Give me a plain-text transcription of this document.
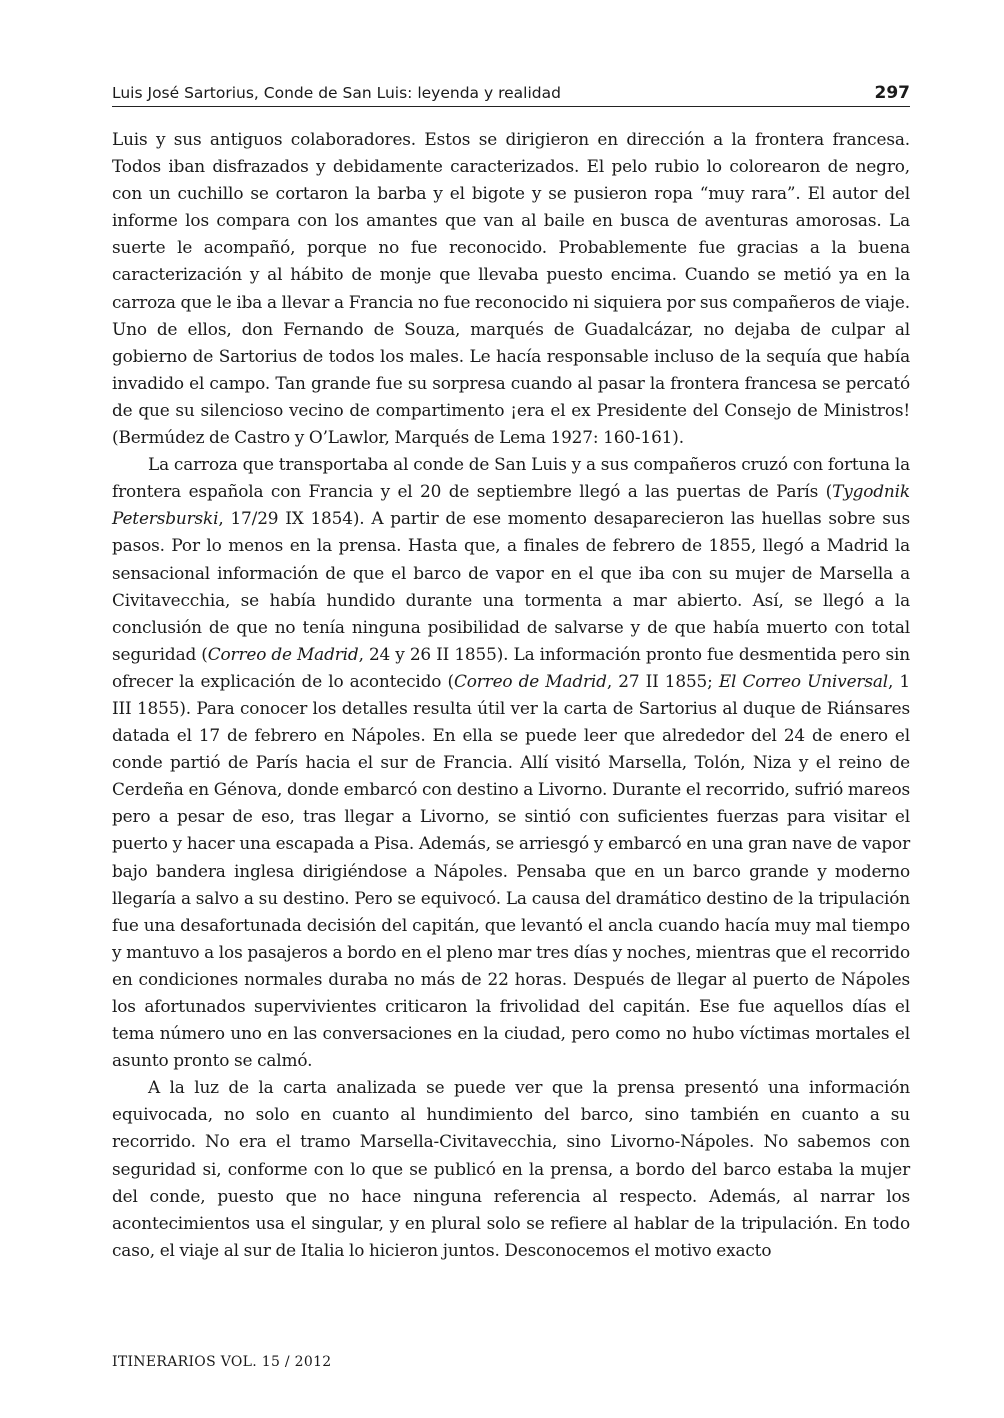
Luis José Sartorius, Conde de San Luis: leyenda y realidad	297

Luis y sus antiguos colaboradores. Estos se dirigieron en dirección a la frontera francesa. Todos iban disfrazados y debidamente caracterizados. El pelo rubio lo colorearon de negro, con un cuchillo se cortaron la barba y el bigote y se pusieron ropa “muy rara”. El autor del informe los compara con los amantes que van al baile en busca de aventuras amorosas. La suerte le acompañó, porque no fue reconocido. Probablemente fue gracias a la buena caracterización y al hábito de monje que llevaba puesto encima. Cuando se metió ya en la carroza que le iba a llevar a Francia no fue reconocido ni siquiera por sus compañeros de viaje. Uno de ellos, don Fernando de Souza, marqués de Guadalcázar, no dejaba de culpar al gobierno de Sartorius de todos los males. Le hacía responsable incluso de la sequía que había invadido el campo. Tan grande fue su sorpresa cuando al pasar la frontera francesa se percató de que su silencioso vecino de compartimento ¡era el ex Presidente del Consejo de Ministros! (Bermúdez de Castro y O’Lawlor, Marqués de Lema 1927: 160-161).

La carroza que transportaba al conde de San Luis y a sus compañeros cruzó con fortuna la frontera española con Francia y el 20 de septiembre llegó a las puertas de París (Tygodnik Petersburski, 17/29 IX 1854). A partir de ese momento desaparecieron las huellas sobre sus pasos. Por lo menos en la prensa. Hasta que, a finales de febrero de 1855, llegó a Madrid la sensacional información de que el barco de vapor en el que iba con su mujer de Marsella a Civitavecchia, se había hundido durante una tormenta a mar abierto. Así, se llegó a la conclusión de que no tenía ninguna posibilidad de salvarse y de que había muerto con total seguridad (Correo de Madrid, 24 y 26 II 1855). La información pronto fue desmentida pero sin ofrecer la explicación de lo acontecido (Correo de Madrid, 27 II 1855; El Correo Universal, 1 III 1855). Para conocer los detalles resulta útil ver la carta de Sartorius al duque de Riánsares datada el 17 de febrero en Nápoles. En ella se puede leer que alrededor del 24 de enero el conde partió de París hacia el sur de Francia. Allí visitó Marsella, Tolón, Niza y el reino de Cerdeña en Génova, donde embarcó con destino a Livorno. Durante el recorrido, sufrió mareos pero a pesar de eso, tras llegar a Livorno, se sintió con suficientes fuerzas para visitar el puerto y hacer una escapada a Pisa. Además, se arriesgó y embarcó en una gran nave de vapor bajo bandera inglesa dirigiéndose a Nápoles. Pensaba que en un barco grande y moderno llegaría a salvo a su destino. Pero se equivocó. La causa del dramático destino de la tripulación fue una desafortunada decisión del capitán, que levantó el ancla cuando hacía muy mal tiempo y mantuvo a los pasajeros a bordo en el pleno mar tres días y noches, mientras que el recorrido en condiciones normales duraba no más de 22 horas. Después de llegar al puerto de Nápoles los afortunados supervivientes criticaron la frivolidad del capitán. Ese fue aquellos días el tema número uno en las conversaciones en la ciudad, pero como no hubo víctimas mortales el asunto pronto se calmó.

A la luz de la carta analizada se puede ver que la prensa presentó una información equivocada, no solo en cuanto al hundimiento del barco, sino también en cuanto a su recorrido. No era el tramo Marsella-Civitavecchia, sino Livorno-Nápoles. No sabemos con seguridad si, conforme con lo que se publicó en la prensa, a bordo del barco estaba la mujer del conde, puesto que no hace ninguna referencia al respecto. Además, al narrar los acontecimientos usa el singular, y en plural solo se refiere al hablar de la tripulación. En todo caso, el viaje al sur de Italia lo hicieron juntos. Desconocemos el motivo exacto

ITINERARIOS VOL. 15 / 2012
